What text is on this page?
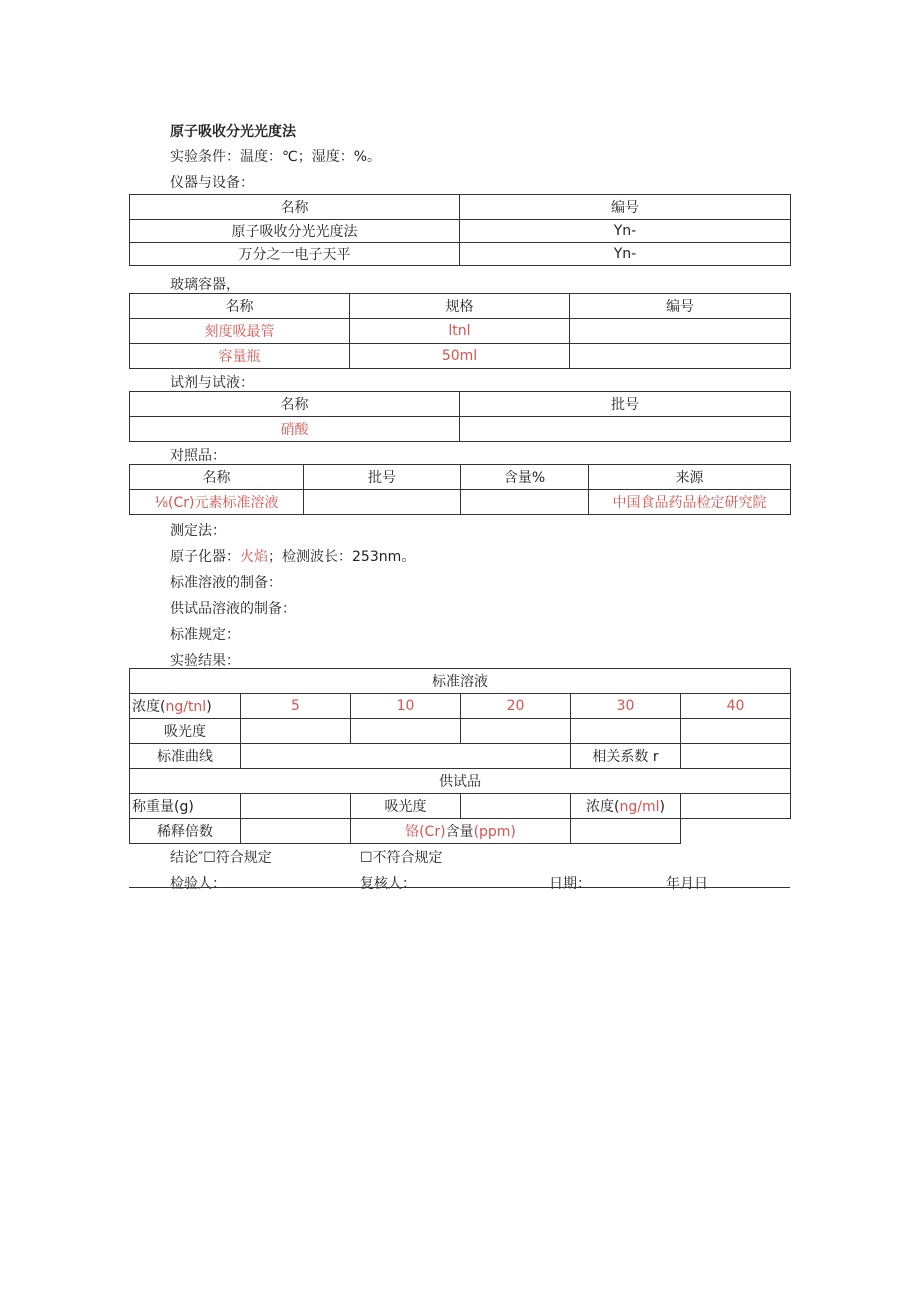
原子吸收分光光度法
实验条件：温度：℃；湿度：%。
仪器与设备：
名称	编号
原子吸收分光光度法	Yn-
万分之一电子天平	Yn-
玻璃容器，
名称	规格	编号
刻度吸最管	ltnl	
容量瓶	50ml	
试剂与试液：
名称	批号
硝酸	
对照品：
名称	批号	含量%	来源
⅛(Cr)元素标准溶液			中国食品药品检定研究院
测定法：
原子化器：火焰；检测波长：253nm。
标准溶液的制备：
供试品溶液的制备：
标准规定：
实验结果：
标准溶液					
浓度(ng∕tnl)	5	10	20	30	40
吸光度					
标准曲线				相关系数 r	
供试品					
称重量(g)		吸光度		浓度(ng/ml)	
稀释倍数		铬(Cr)含量(ppm)			
结论″☐符合规定	☐不符合规定
检验人：	复核人：	日期：	年月日
